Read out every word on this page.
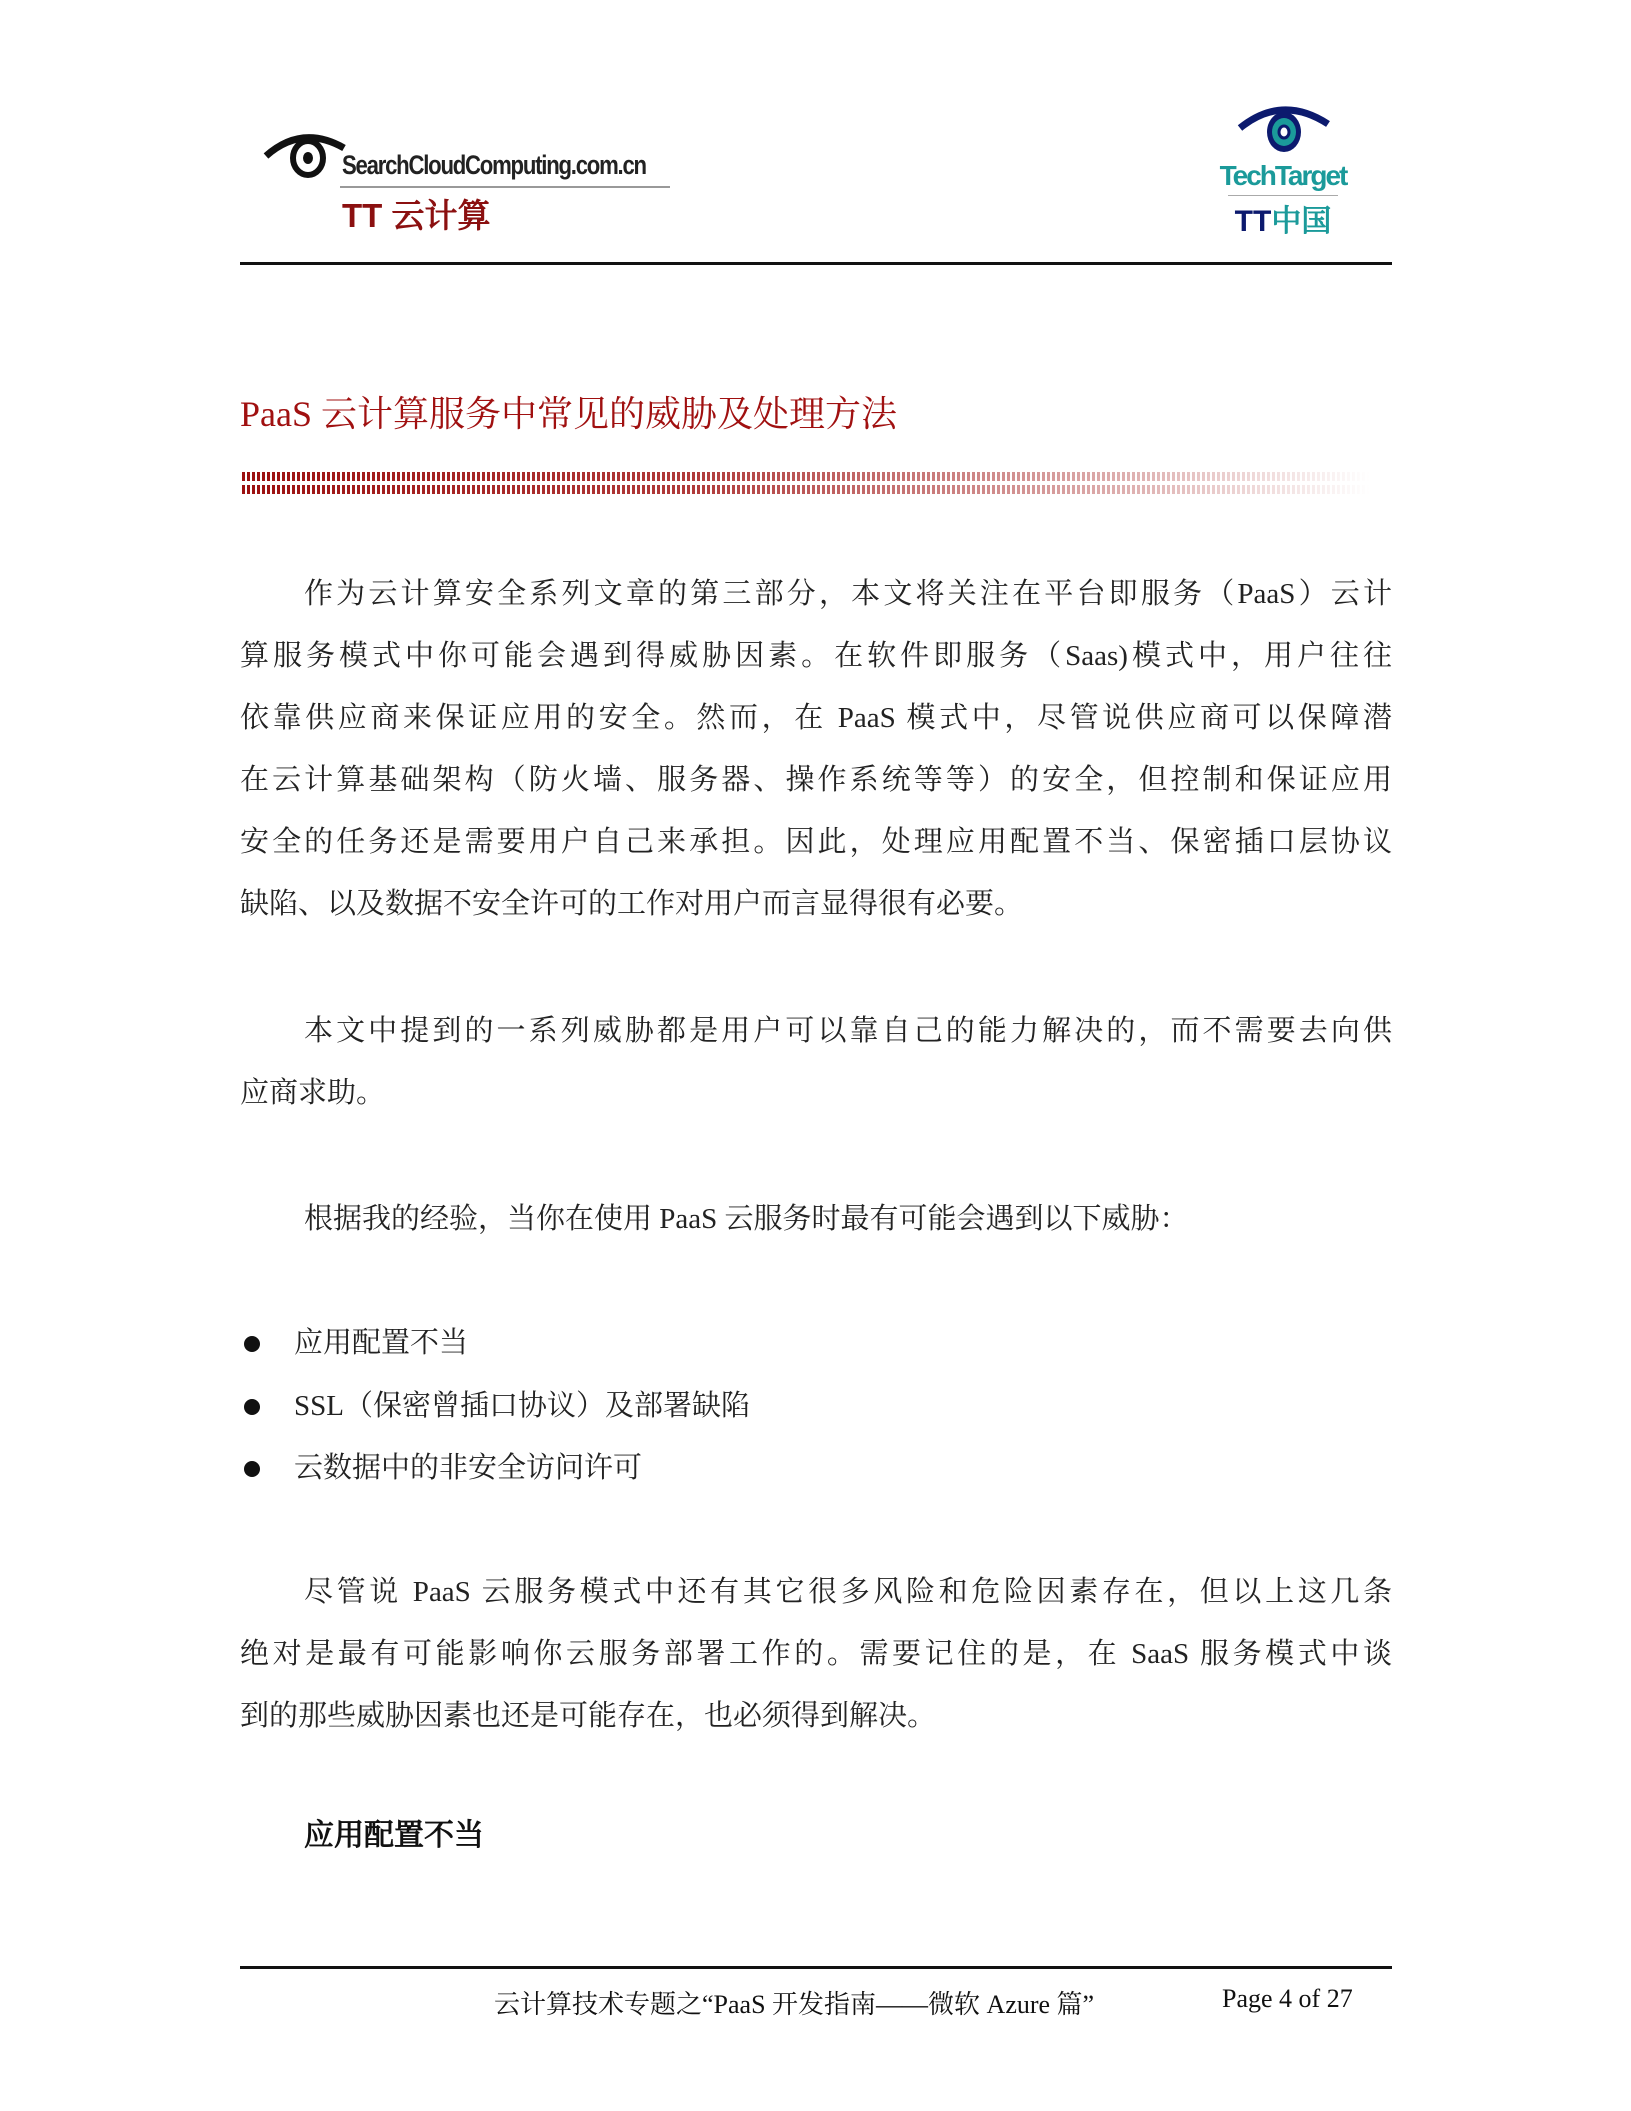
SearchCloudComputing.com.cn
TT 云计算
TechTarget
TT中国
PaaS 云计算服务中常见的威胁及处理方法
作为云计算安全系列文章的第三部分，本文将关注在平台即服务（PaaS）云计
算服务模式中你可能会遇到得威胁因素。在软件即服务（Saas)模式中，用户往往
依靠供应商来保证应用的安全。然而，在 PaaS 模式中，尽管说供应商可以保障潜
在云计算基础架构（防火墙、服务器、操作系统等等）的安全，但控制和保证应用
安全的任务还是需要用户自己来承担。因此，处理应用配置不当、保密插口层协议
缺陷、以及数据不安全许可的工作对用户而言显得很有必要。
本文中提到的一系列威胁都是用户可以靠自己的能力解决的，而不需要去向供
应商求助。
根据我的经验，当你在使用 PaaS 云服务时最有可能会遇到以下威胁：
应用配置不当
SSL（保密曾插口协议）及部署缺陷
云数据中的非安全访问许可
尽管说 PaaS 云服务模式中还有其它很多风险和危险因素存在，但以上这几条
绝对是最有可能影响你云服务部署工作的。需要记住的是，在 SaaS 服务模式中谈
到的那些威胁因素也还是可能存在，也必须得到解决。
应用配置不当
云计算技术专题之“PaaS 开发指南——微软 Azure 篇”	Page 4 of 27
